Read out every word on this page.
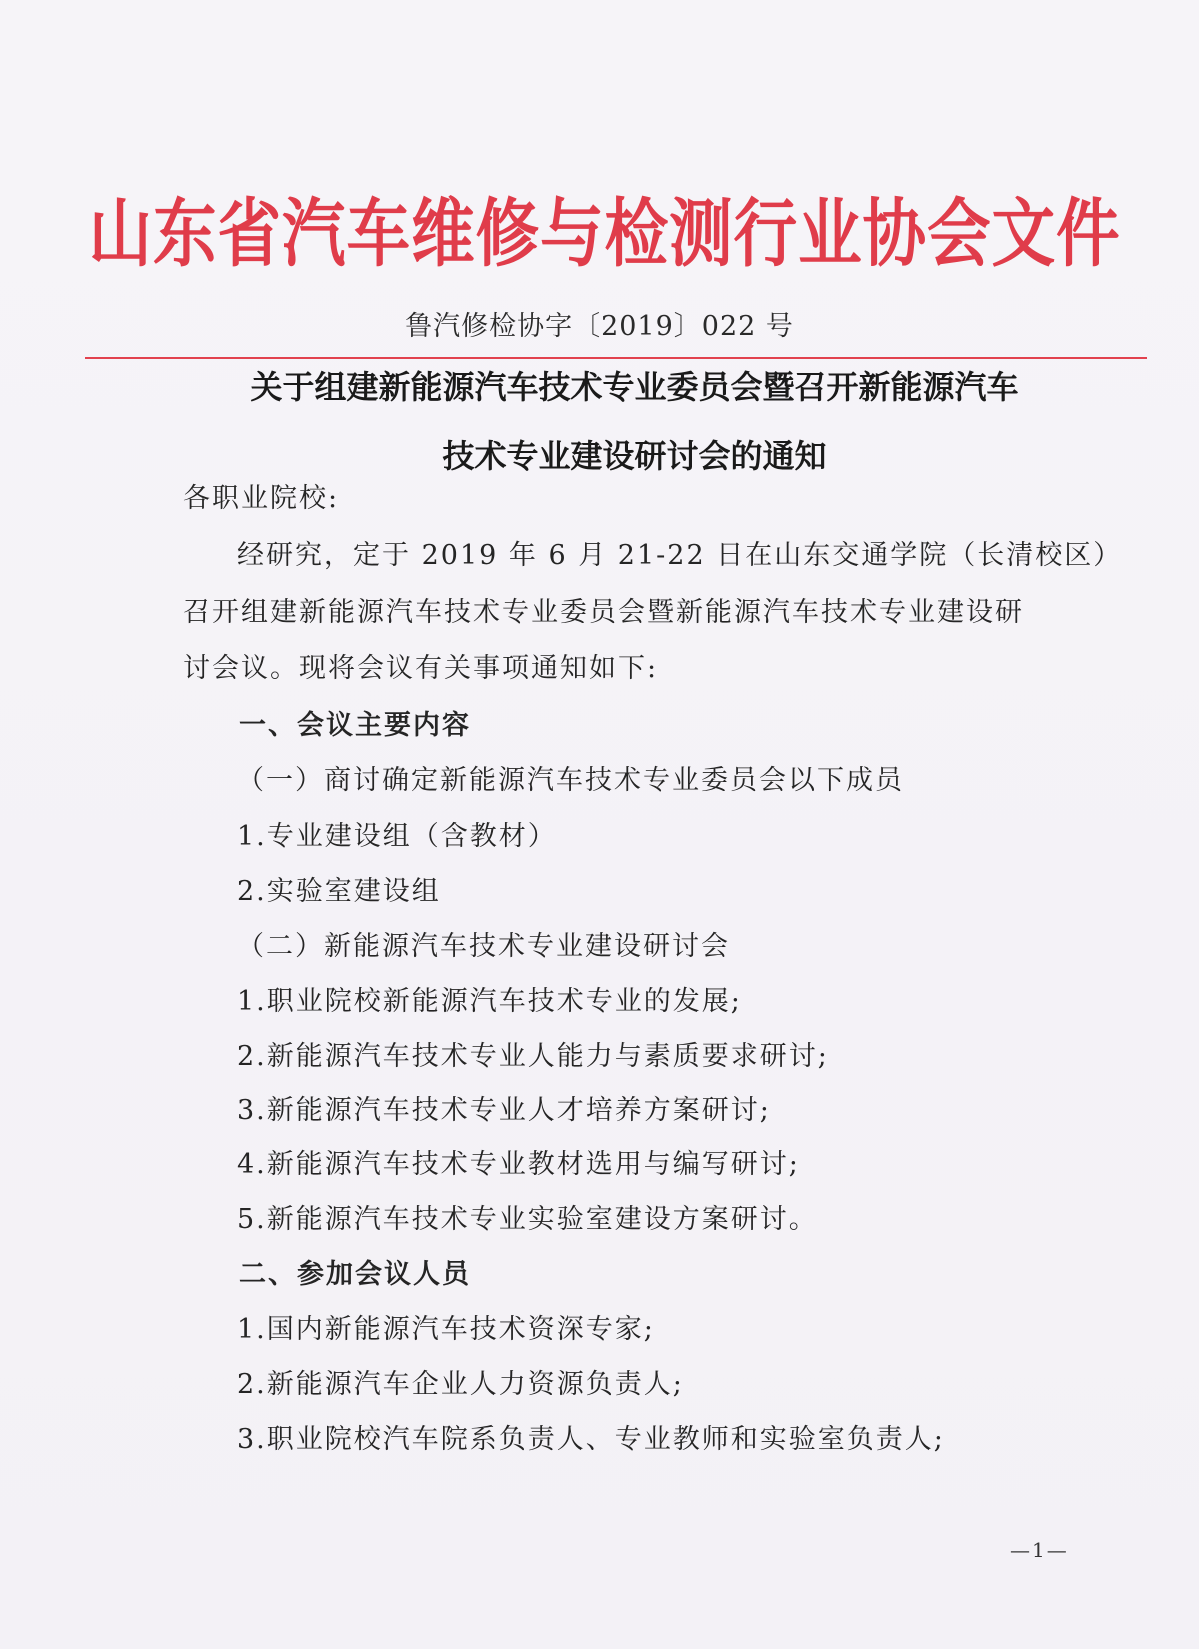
山东省汽车维修与检测行业协会文件
鲁汽修检协字〔2019〕022 号
关于组建新能源汽车技术专业委员会暨召开新能源汽车
技术专业建设研讨会的通知
各职业院校:
经研究，定于 2019 年 6 月 21-22 日在山东交通学院（长清校区）
召开组建新能源汽车技术专业委员会暨新能源汽车技术专业建设研
讨会议。现将会议有关事项通知如下:
一、会议主要内容
（一）商讨确定新能源汽车技术专业委员会以下成员
1.专业建设组（含教材）
2.实验室建设组
（二）新能源汽车技术专业建设研讨会
1.职业院校新能源汽车技术专业的发展;
2.新能源汽车技术专业人能力与素质要求研讨;
3.新能源汽车技术专业人才培养方案研讨;
4.新能源汽车技术专业教材选用与编写研讨;
5.新能源汽车技术专业实验室建设方案研讨。
二、参加会议人员
1.国内新能源汽车技术资深专家;
2.新能源汽车企业人力资源负责人;
3.职业院校汽车院系负责人、专业教师和实验室负责人;
—1—
